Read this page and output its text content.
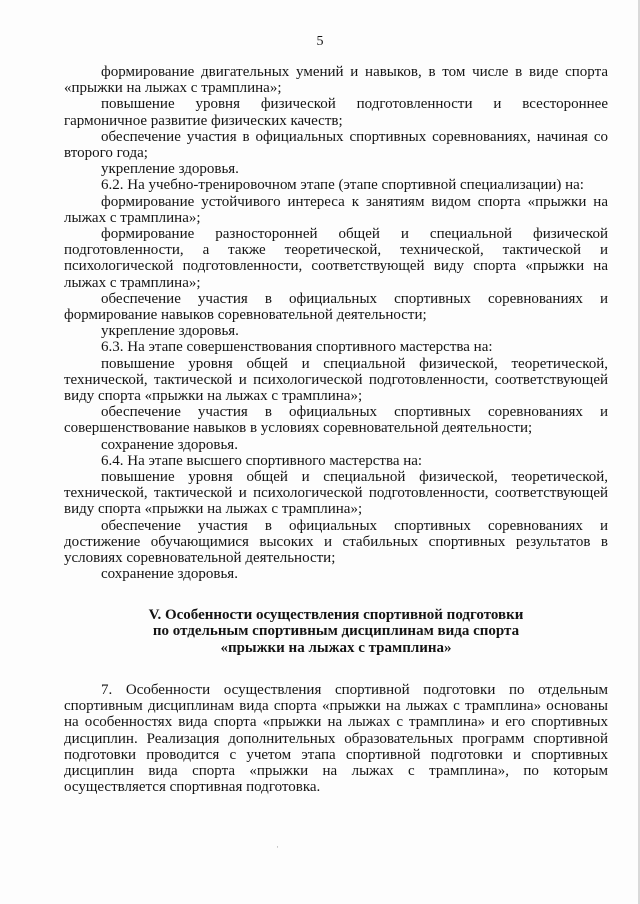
5

формирование двигательных умений и навыков, в том числе в виде спорта «прыжки на лыжах с трамплина»;

повышение уровня физической подготовленности и всестороннее гармоничное развитие физических качеств;

обеспечение участия в официальных спортивных соревнованиях, начиная со второго года;

укрепление здоровья.

6.2. На учебно-тренировочном этапе (этапе спортивной специализации) на:

формирование устойчивого интереса к занятиям видом спорта «прыжки на лыжах с трамплина»;

формирование разносторонней общей и специальной физической подготовленности, а также теоретической, технической, тактической и психологической подготовленности, соответствующей виду спорта «прыжки на лыжах с трамплина»;

обеспечение участия в официальных спортивных соревнованиях и формирование навыков соревновательной деятельности;

укрепление здоровья.

6.3. На этапе совершенствования спортивного мастерства на:

повышение уровня общей и специальной физической, теоретической, технической, тактической и психологической подготовленности, соответствующей виду спорта «прыжки на лыжах с трамплина»;

обеспечение участия в официальных спортивных соревнованиях и совершенствование навыков в условиях соревновательной деятельности;

сохранение здоровья.

6.4. На этапе высшего спортивного мастерства на:

повышение уровня общей и специальной физической, теоретической, технической, тактической и психологической подготовленности, соответствующей виду спорта «прыжки на лыжах с трамплина»;

обеспечение участия в официальных спортивных соревнованиях и достижение обучающимися высоких и стабильных спортивных результатов в условиях соревновательной деятельности;

сохранение здоровья.

V. Особенности осуществления спортивной подготовки

по отдельным спортивным дисциплинам вида спорта

«прыжки на лыжах с трамплина»

7. Особенности осуществления спортивной подготовки по отдельным спортивным дисциплинам вида спорта «прыжки на лыжах с трамплина» основаны на особенностях вида спорта «прыжки на лыжах с трамплина» и его спортивных дисциплин. Реализация дополнительных образовательных программ спортивной подготовки проводится с учетом этапа спортивной подготовки и спортивных дисциплин вида спорта «прыжки на лыжах с трамплина», по которым осуществляется спортивная подготовка.

·
